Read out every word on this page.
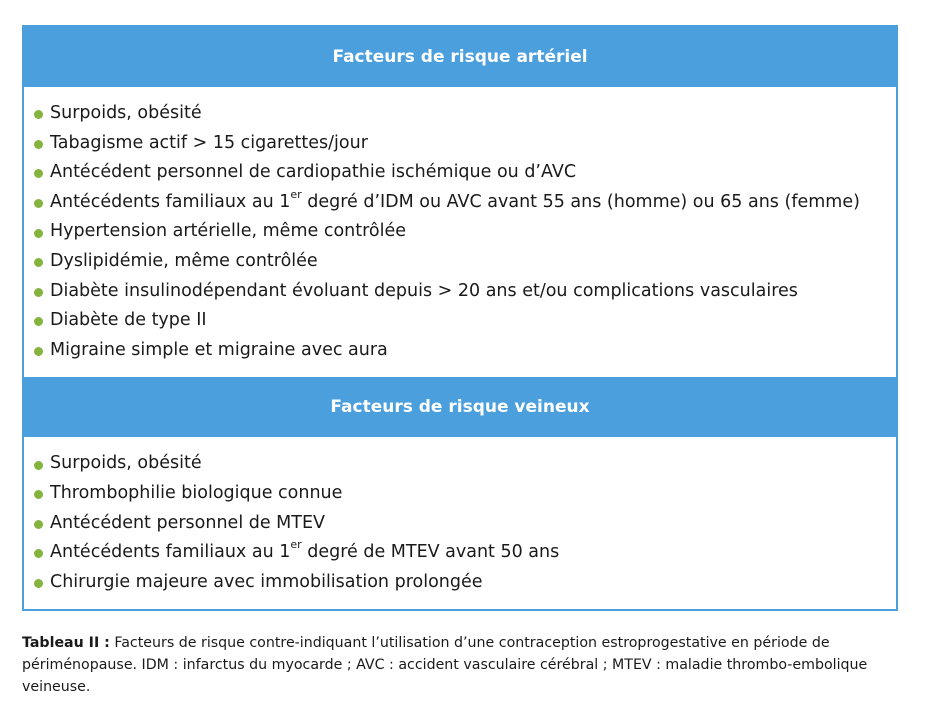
Facteurs de risque artériel
Surpoids, obésité
Tabagisme actif > 15 cigarettes/jour
Antécédent personnel de cardiopathie ischémique ou d’AVC
Antécédents familiaux au 1er degré d’IDM ou AVC avant 55 ans (homme) ou 65 ans (femme)
Hypertension artérielle, même contrôlée
Dyslipidémie, même contrôlée
Diabète insulinodépendant évoluant depuis > 20 ans et/ou complications vasculaires
Diabète de type II
Migraine simple et migraine avec aura
Facteurs de risque veineux
Surpoids, obésité
Thrombophilie biologique connue
Antécédent personnel de MTEV
Antécédents familiaux au 1er degré de MTEV avant 50 ans
Chirurgie majeure avec immobilisation prolongée
Tableau II : Facteurs de risque contre-indiquant l’utilisation d’une contraception estroprogestative en période de périménopause. IDM : infarctus du myocarde ; AVC : accident vasculaire cérébral ; MTEV : maladie thrombo-embolique veineuse.
